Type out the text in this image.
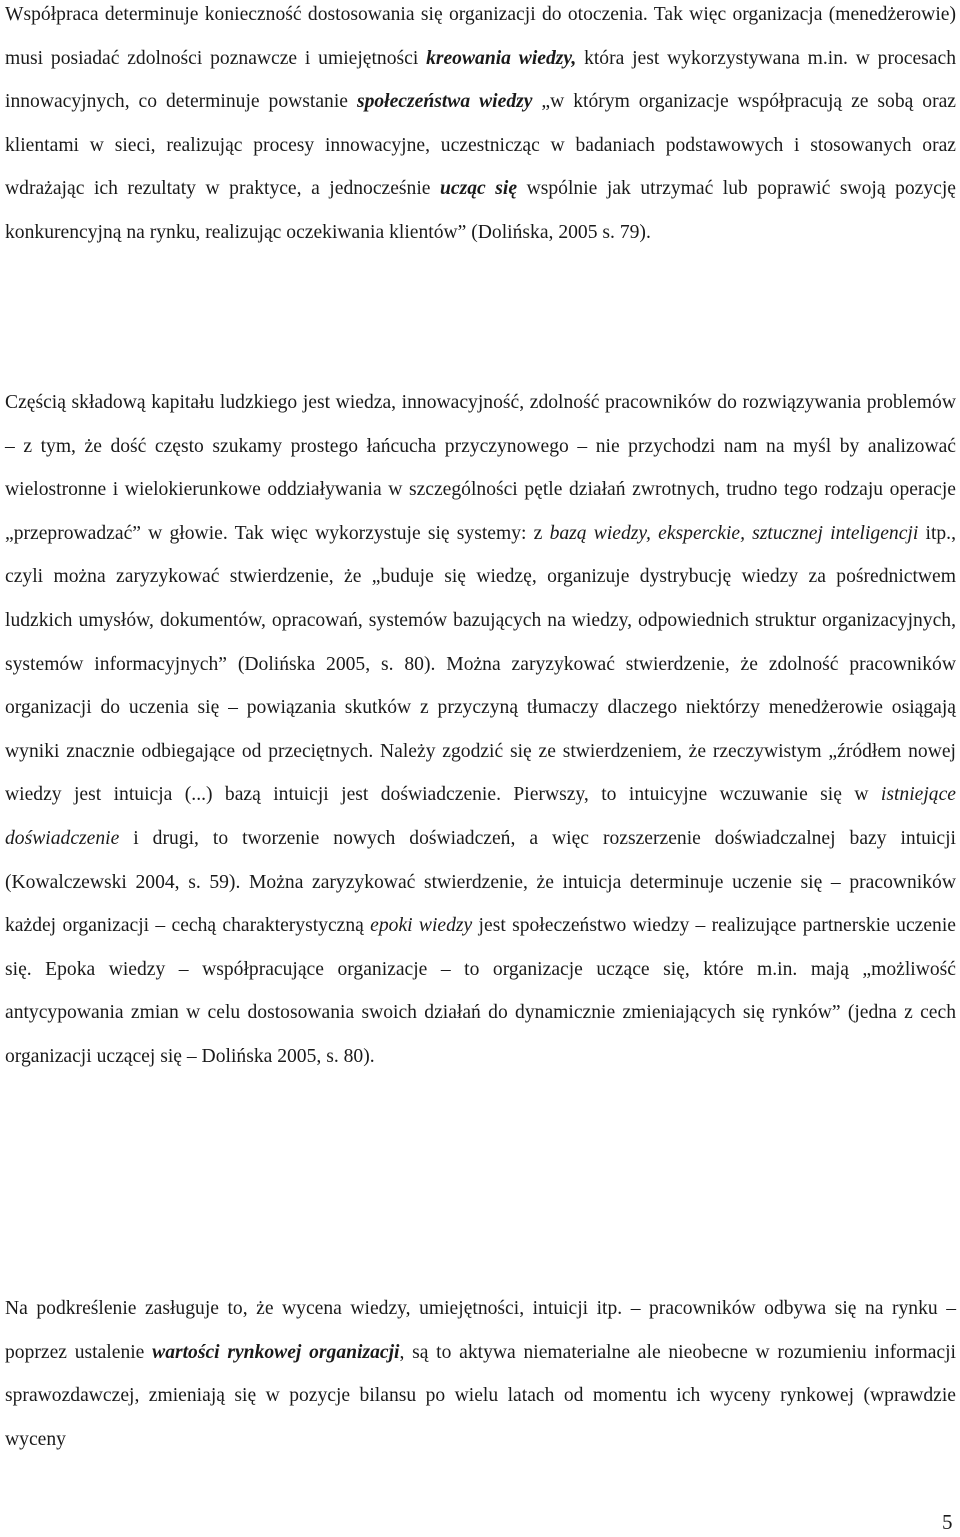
Współpraca determinuje konieczność dostosowania się organizacji do otoczenia. Tak więc organizacja (menedżerowie) musi posiadać zdolności poznawcze i umiejętności kreowania wiedzy, która jest wykorzystywana m.in. w procesach innowacyjnych, co determinuje powstanie społeczeństwa wiedzy „w którym organizacje współpracują ze sobą oraz klientami w sieci, realizując procesy innowacyjne, uczestnicząc w badaniach podstawowych i stosowanych oraz wdrażając ich rezultaty w praktyce, a jednocześnie ucząc się wspólnie jak utrzymać lub poprawić swoją pozycję konkurencyjną na rynku, realizując oczekiwania klientów” (Dolińska, 2005 s. 79).

Częścią składową kapitału ludzkiego jest wiedza, innowacyjność, zdolność pracowników do rozwiązywania problemów – z tym, że dość często szukamy prostego łańcucha przyczynowego – nie przychodzi nam na myśl by analizować wielostronne i wielokierunkowe oddziaływania w szczególności pętle działań zwrotnych, trudno tego rodzaju operacje „przeprowadzać” w głowie. Tak więc wykorzystuje się systemy: z bazą wiedzy, eksperckie, sztucznej inteligencji itp., czyli można zaryzykować stwierdzenie, że „buduje się wiedzę, organizuje dystrybucję wiedzy za pośrednictwem ludzkich umysłów, dokumentów, opracowań, systemów bazujących na wiedzy, odpowiednich struktur organizacyjnych, systemów informacyjnych” (Dolińska 2005, s. 80). Można zaryzykować stwierdzenie, że zdolność pracowników organizacji do uczenia się – powiązania skutków z przyczyną tłumaczy dlaczego niektórzy menedżerowie osiągają wyniki znacznie odbiegające od przeciętnych. Należy zgodzić się ze stwierdzeniem, że rzeczywistym „źródłem nowej wiedzy jest intuicja (...) bazą intuicji jest doświadczenie. Pierwszy, to intuicyjne wczuwanie się w istniejące doświadczenie i drugi, to tworzenie nowych doświadczeń, a więc rozszerzenie doświadczalnej bazy intuicji (Kowalczewski 2004, s. 59). Można zaryzykować stwierdzenie, że intuicja determinuje uczenie się – pracowników każdej organizacji – cechą charakterystyczną epoki wiedzy jest społeczeństwo wiedzy – realizujące partnerskie uczenie się. Epoka wiedzy – współpracujące organizacje – to organizacje uczące się, które m.in. mają „możliwość antycypowania zmian w celu dostosowania swoich działań do dynamicznie zmieniających się rynków” (jedna z cech organizacji uczącej się – Dolińska 2005, s. 80).

Na podkreślenie zasługuje to, że wycena wiedzy, umiejętności, intuicji itp. – pracowników odbywa się na rynku – poprzez ustalenie wartości rynkowej organizacji, są to aktywa niematerialne ale nieobecne w rozumieniu informacji sprawozdawczej, zmieniają się w pozycje bilansu po wielu latach od momentu ich wyceny rynkowej (wprawdzie wyceny

5
